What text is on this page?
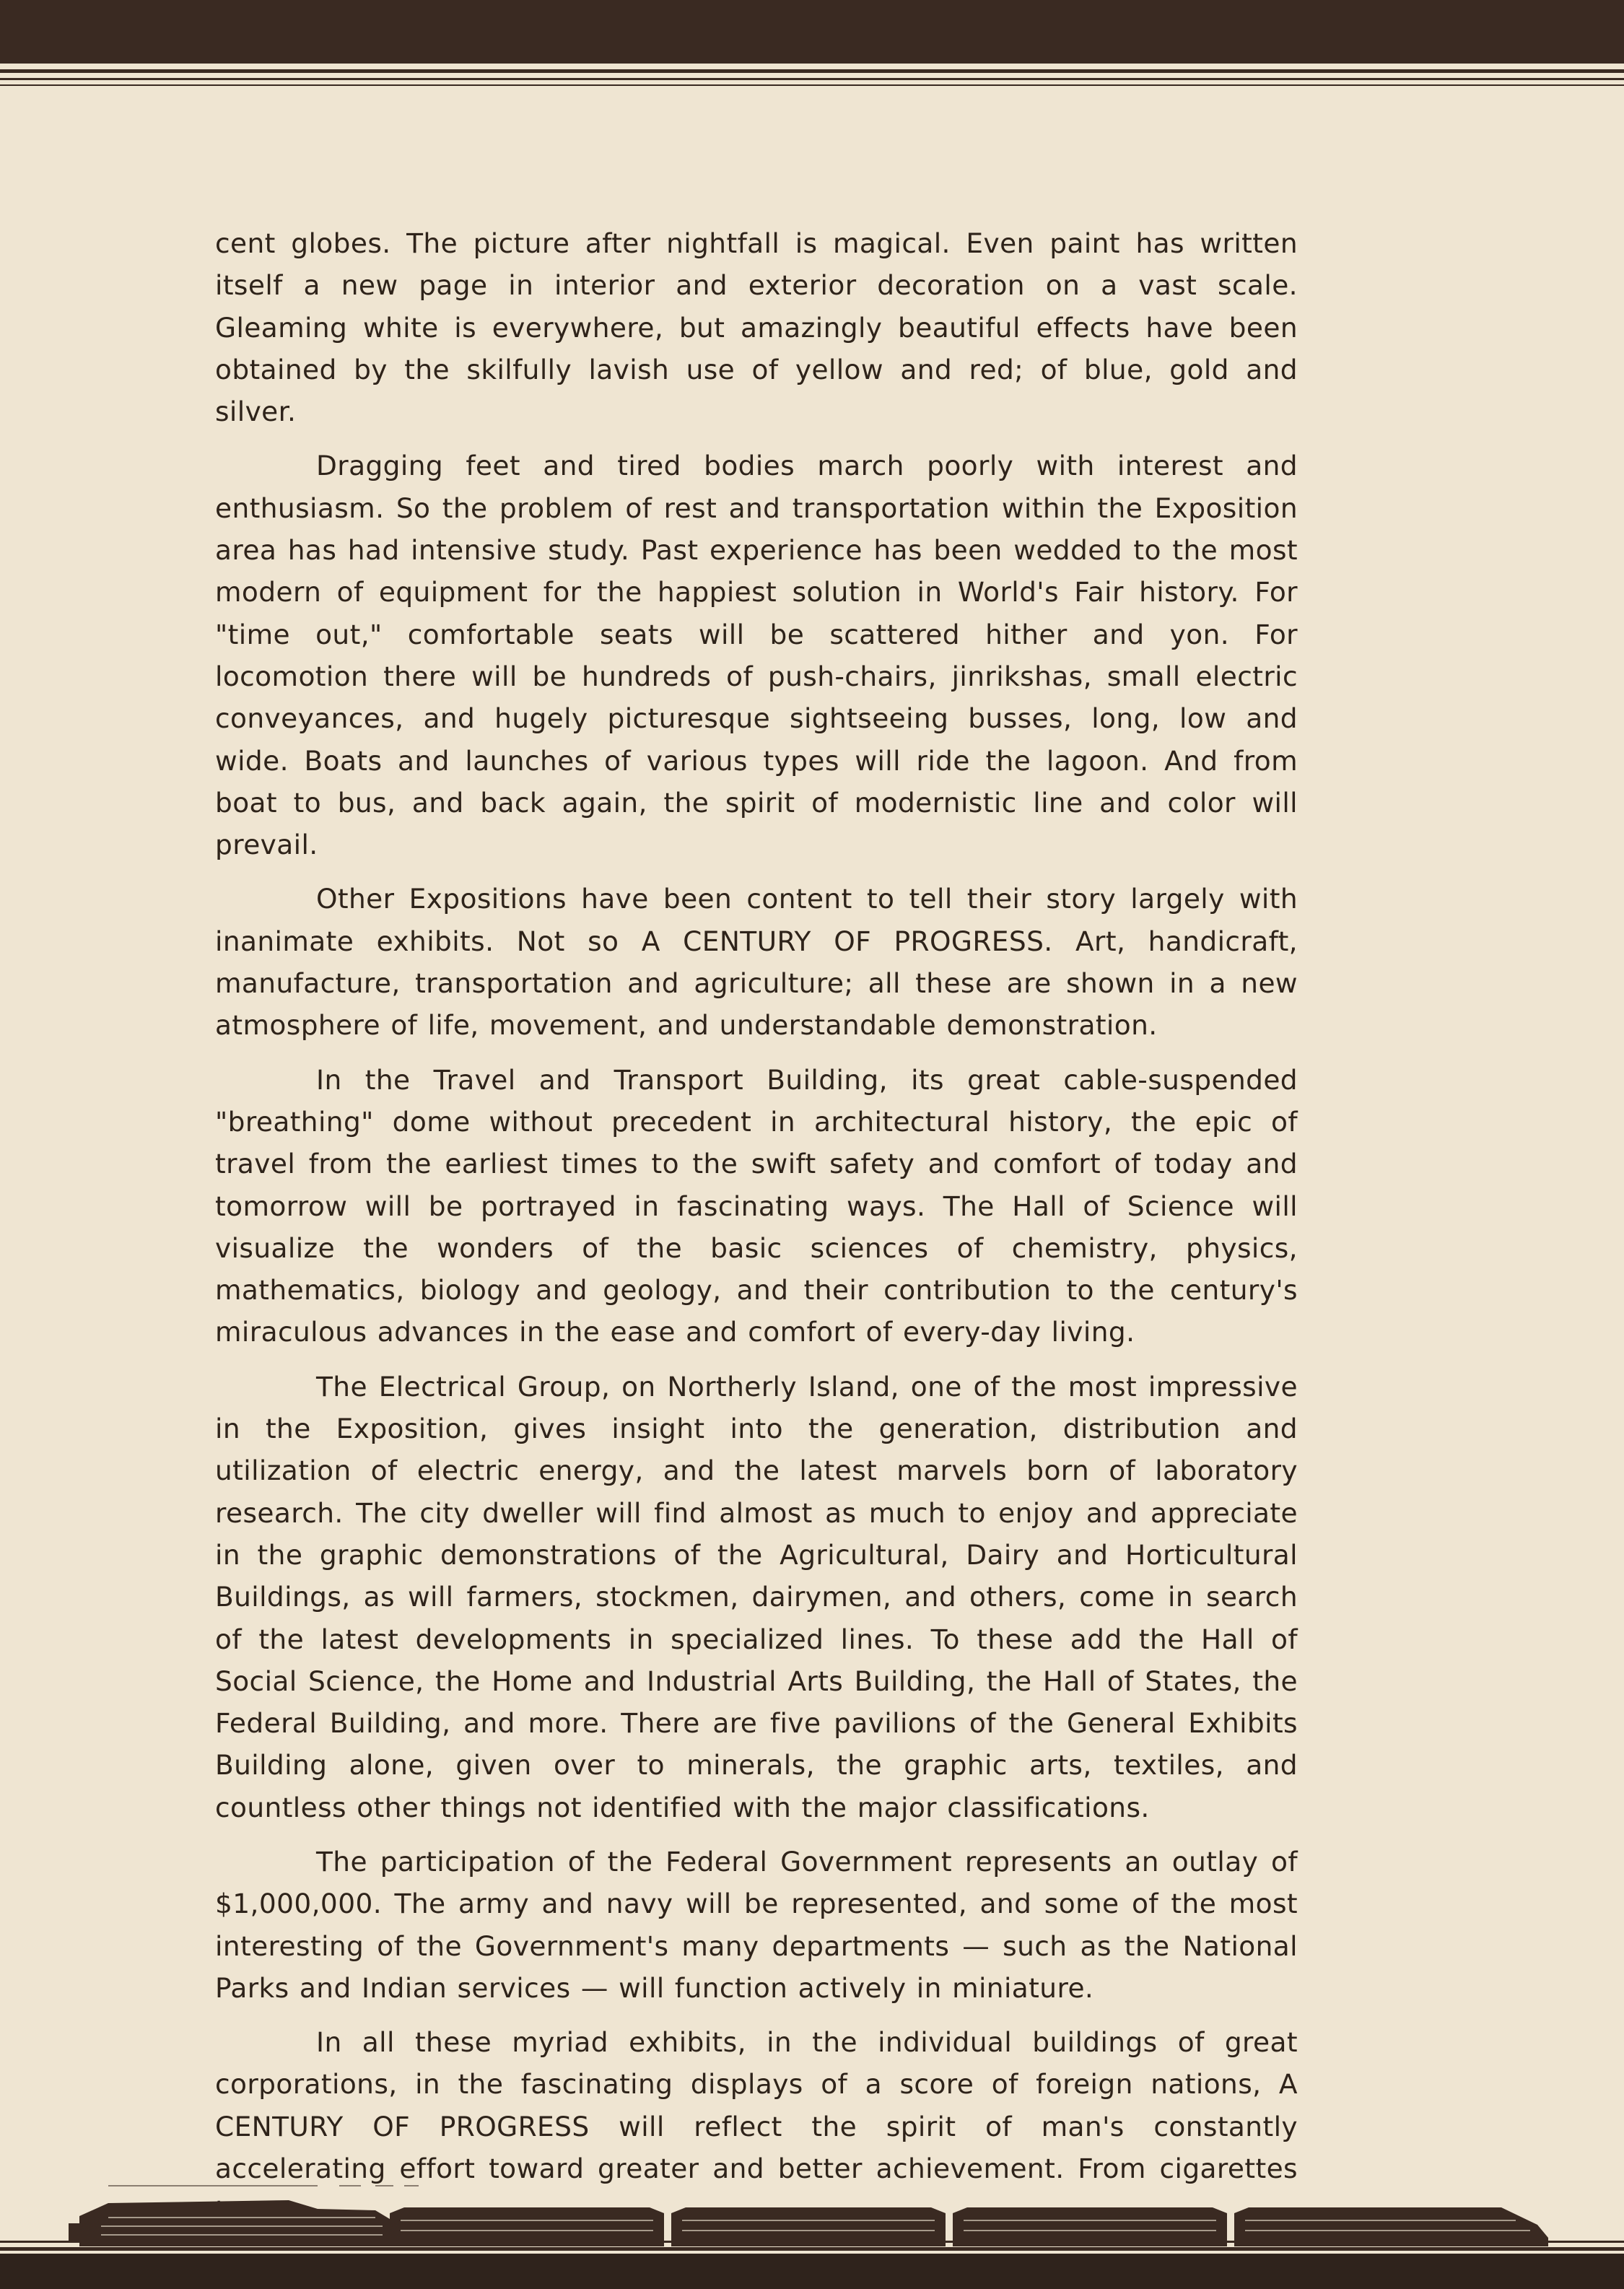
cent globes. The picture after nightfall is magical. Even paint has written itself a new page in interior and exterior decoration on a vast scale. Gleaming white is everywhere, but amazingly beautiful effects have been obtained by the skilfully lavish use of yellow and red; of blue, gold and silver.

Dragging feet and tired bodies march poorly with interest and enthusiasm. So the problem of rest and transportation within the Exposition area has had intensive study. Past experience has been wedded to the most modern of equipment for the happiest solution in World's Fair history. For "time out," comfortable seats will be scattered hither and yon. For locomotion there will be hundreds of push-chairs, jinrikshas, small electric conveyances, and hugely picturesque sightseeing busses, long, low and wide. Boats and launches of various types will ride the lagoon. And from boat to bus, and back again, the spirit of modernistic line and color will prevail.

Other Expositions have been content to tell their story largely with inanimate exhibits. Not so A CENTURY OF PROGRESS. Art, handicraft, manufacture, transportation and agriculture; all these are shown in a new atmosphere of life, movement, and understandable demonstration.

In the Travel and Transport Building, its great cable-suspended "breathing" dome without precedent in architectural history, the epic of travel from the earliest times to the swift safety and comfort of today and tomorrow will be portrayed in fascinating ways. The Hall of Science will visualize the wonders of the basic sciences of chemistry, physics, mathematics, biology and geology, and their contribution to the century's miraculous advances in the ease and comfort of every-day living.

The Electrical Group, on Northerly Island, one of the most impressive in the Exposition, gives insight into the generation, distribution and utilization of electric energy, and the latest marvels born of laboratory research. The city dweller will find almost as much to enjoy and appreciate in the graphic demonstrations of the Agricultural, Dairy and Horticultural Buildings, as will farmers, stockmen, dairymen, and others, come in search of the latest developments in specialized lines. To these add the Hall of Social Science, the Home and Industrial Arts Building, the Hall of States, the Federal Building, and more. There are five pavilions of the General Exhibits Building alone, given over to minerals, the graphic arts, textiles, and countless other things not identified with the major classifications.

The participation of the Federal Government represents an outlay of $1,000,000. The army and navy will be represented, and some of the most interesting of the Government's many departments — such as the National Parks and Indian services — will function actively in miniature.

In all these myriad exhibits, in the individual buildings of great corporations, in the fascinating displays of a score of foreign nations, A CENTURY OF PROGRESS will reflect the spirit of man's constantly accelerating effort toward greater and better achievement. From cigarettes
